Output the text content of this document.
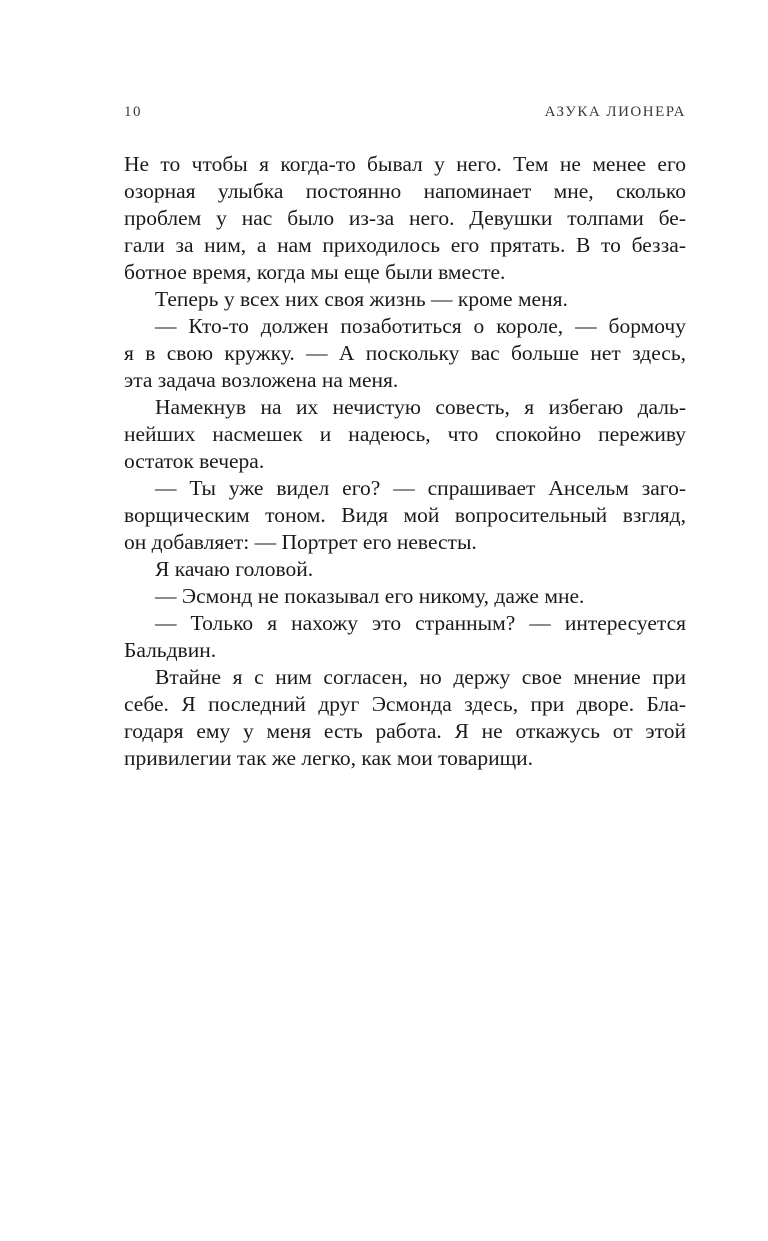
10	АЗУКА ЛИОНЕРА
Не то чтобы я когда-то бывал у него. Тем не менее его
озорная улыбка постоянно напоминает мне, сколько
проблем у нас было из-за него. Девушки толпами бе-
гали за ним, а нам приходилось его прятать. В то безза-
ботное время, когда мы еще были вместе.
Теперь у всех них своя жизнь — кроме меня.
— Кто-то должен позаботиться о короле, — бормочу
я в свою кружку. — А поскольку вас больше нет здесь,
эта задача возложена на меня.
Намекнув на их нечистую совесть, я избегаю даль-
нейших насмешек и надеюсь, что спокойно переживу
остаток вечера.
— Ты уже видел его? — спрашивает Ансельм заго-
ворщическим тоном. Видя мой вопросительный взгляд,
он добавляет: — Портрет его невесты.
Я качаю головой.
— Эсмонд не показывал его никому, даже мне.
— Только я нахожу это странным? — интересуется
Бальдвин.
Втайне я с ним согласен, но держу свое мнение при
себе. Я последний друг Эсмонда здесь, при дворе. Бла-
годаря ему у меня есть работа. Я не откажусь от этой
привилегии так же легко, как мои товарищи.
